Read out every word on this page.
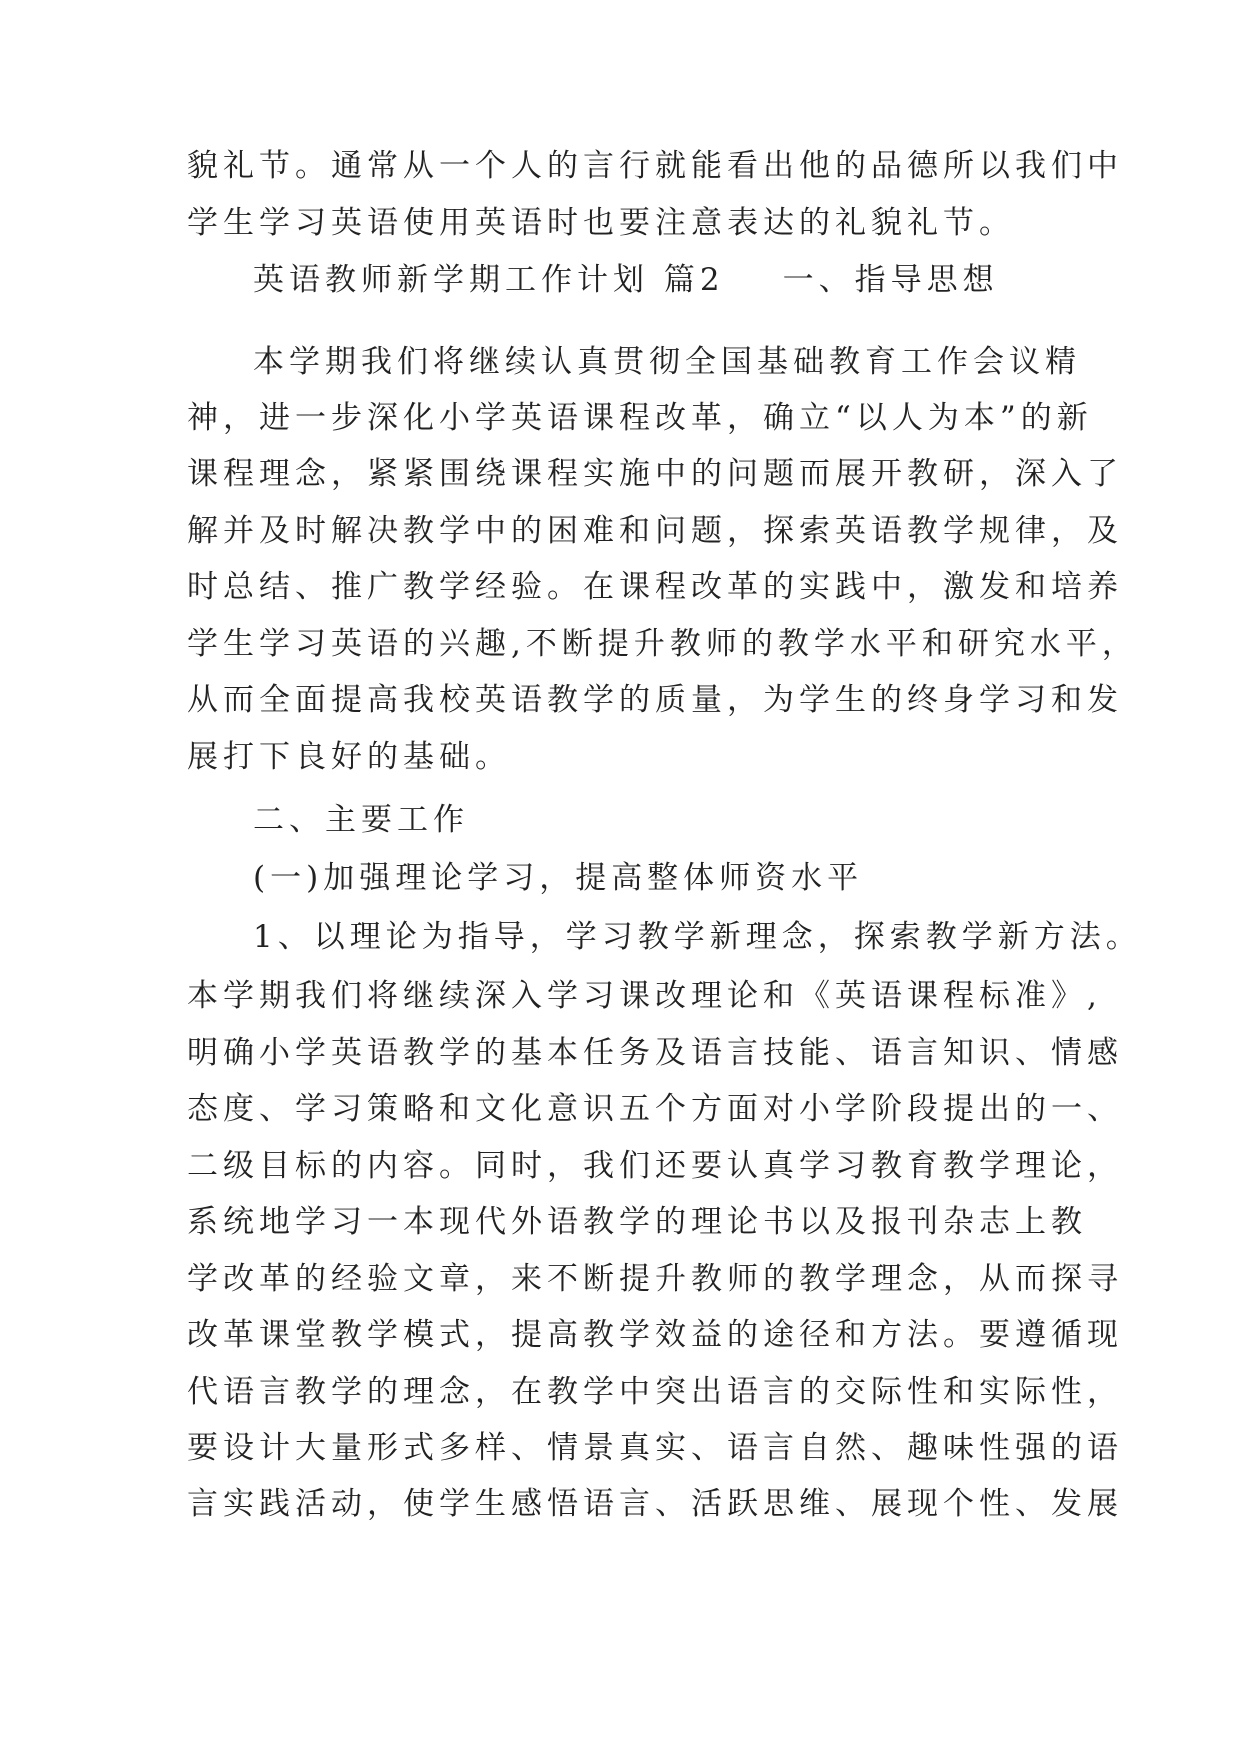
貌礼节。通常从一个人的言行就能看出他的品德所以我们中
学生学习英语使用英语时也要注意表达的礼貌礼节。
英语教师新学期工作计划 篇2 一、指导思想
本学期我们将继续认真贯彻全国基础教育工作会议精
神，进一步深化小学英语课程改革，确立“以人为本”的新
课程理念，紧紧围绕课程实施中的问题而展开教研，深入了
解并及时解决教学中的困难和问题，探索英语教学规律，及
时总结、推广教学经验。在课程改革的实践中，激发和培养
学生学习英语的兴趣,不断提升教师的教学水平和研究水平，
从而全面提高我校英语教学的质量，为学生的终身学习和发
展打下良好的基础。
二、主要工作
(一)加强理论学习，提高整体师资水平
1、以理论为指导，学习教学新理念，探索教学新方法。
本学期我们将继续深入学习课改理论和《英语课程标准》,
明确小学英语教学的基本任务及语言技能、语言知识、情感
态度、学习策略和文化意识五个方面对小学阶段提出的一、
二级目标的内容。同时，我们还要认真学习教育教学理论，
系统地学习一本现代外语教学的理论书以及报刊杂志上教
学改革的经验文章，来不断提升教师的教学理念，从而探寻
改革课堂教学模式，提高教学效益的途径和方法。要遵循现
代语言教学的理念，在教学中突出语言的交际性和实际性，
要设计大量形式多样、情景真实、语言自然、趣味性强的语
言实践活动，使学生感悟语言、活跃思维、展现个性、发展
